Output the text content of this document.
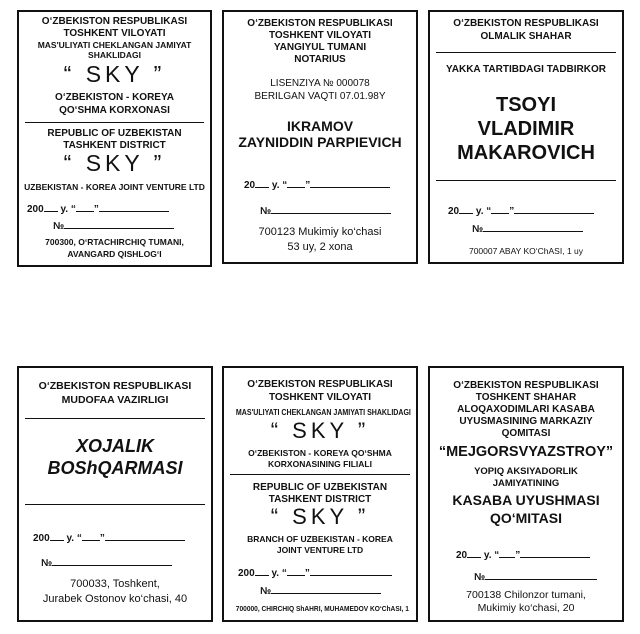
O‘ZBEKISTON RESPUBLIKASI
TOSHKENT VILOYATI
MAS'ULIYATI CHEKLANGAN JAMIYAT
SHAKLIDAGI
“ SKY ”
O‘ZBEKISTON - KOREYA
QO‘SHMA KORXONASI
REPUBLIC OF UZBEKISTAN
TASHKENT DISTRICT
“ SKY ”
UZBEKISTAN - KOREA JOINT VENTURE LTD
200 y. “ ”
№
700300, O‘RTACHIRCHIQ TUMANI,
AVANGARD QISHLOG‘I
O‘ZBEKISTON RESPUBLIKASI
TOSHKENT VILOYATI
YANGIYUL TUMANI
NOTARIUS
LISENZIYA № 000078
BERILGAN VAQTI 07.01.98Y
IKRAMOV
ZAYNIDDIN PARPIEVICH
20 y. “ ”
№
700123 Mukimiy ko‘chasi
53 uy, 2 xona
O‘ZBEKISTON RESPUBLIKASI
OLMALIK SHAHAR
YAKKA TARTIBDAGI TADBIRKOR
TSOYI
VLADIMIR
MAKAROVICH
20 y. “ ”
№
700007 ABAY KO‘ChASI, 1 uy
O‘ZBEKISTON RESPUBLIKASI
MUDOFAA VAZIRLIGI
XOJALIK
BOShQARMASI
200 y. “ ”
№
700033, Toshkent,
Jurabek Ostonov ko‘chasi, 40
O‘ZBEKISTON RESPUBLIKASI
TOSHKENT VILOYATI
MAS'ULIYATI CHEKLANGAN JAMIYATI SHAKLIDAGI
“ SKY ”
O‘ZBEKISTON - KOREYA QO‘SHMA
KORXONASINING FILIALI
REPUBLIC OF UZBEKISTAN
TASHKENT DISTRICT
“ SKY ”
BRANCH OF UZBEKISTAN - KOREA
JOINT VENTURE LTD
200 y. “ ”
№
700000, CHIRCHIQ ShAHRI, MUHAMEDOV KO‘ChASI, 1
O‘ZBEKISTON RESPUBLIKASI
TOSHKENT SHAHAR
ALOQAXODIMLARI KASABA
UYUSMASINING MARKAZIY
QOMITASI
“MEJGORSVYAZSTROY”
YOPIQ AKSIYADORLIK
JAMIYATINING
KASABA UYUSHMASI
QO‘MITASI
20 y. “ ”
№
700138 Chilonzor tumani,
Mukimiy ko‘chasi, 20
